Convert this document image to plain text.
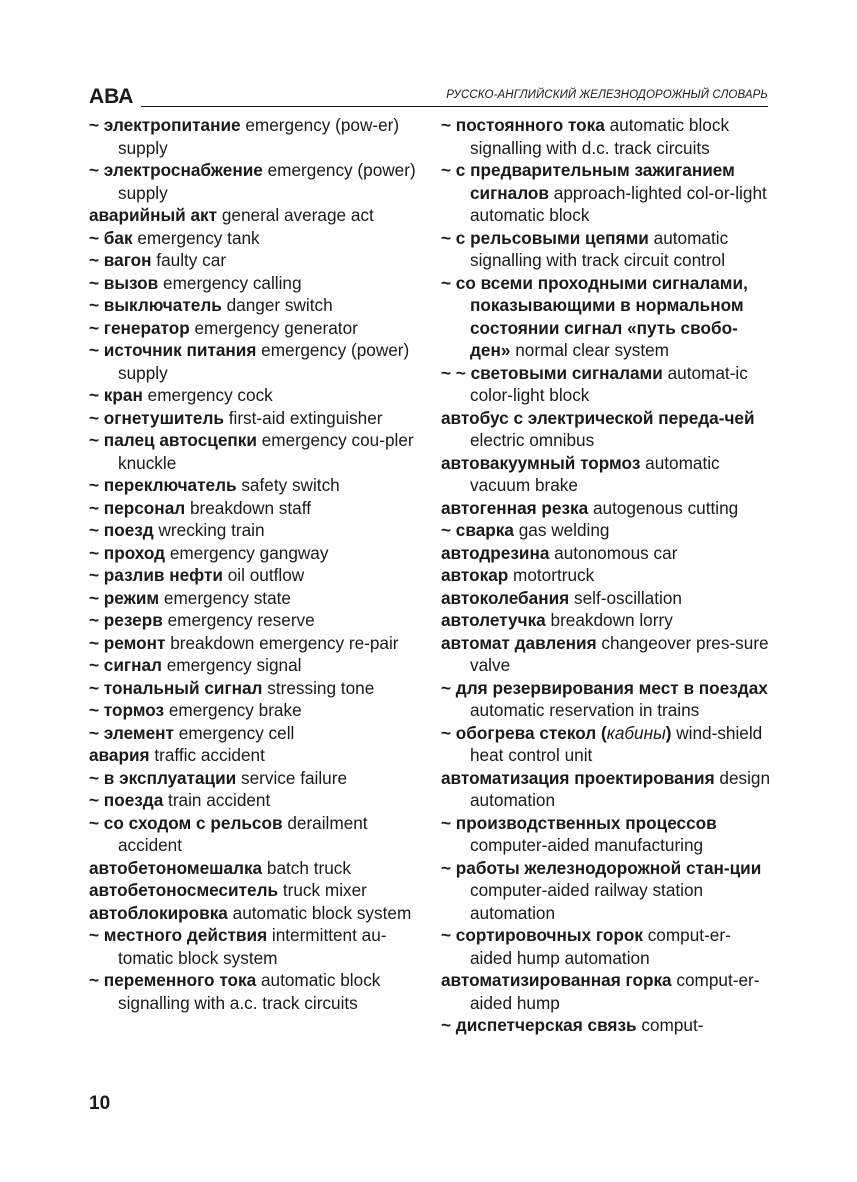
АВА	РУССКО-АНГЛИЙСКИЙ ЖЕЛЕЗНОДОРОЖНЫЙ СЛОВАРЬ

~ электропитание emergency (pow-er) supply

~ электроснабжение emergency (power) supply

аварийный акт general average act

~ бак emergency tank

~ вагон faulty car

~ вызов emergency calling

~ выключатель danger switch

~ генератор emergency generator

~ источник питания emergency (power) supply

~ кран emergency cock

~ огнетушитель first-aid extinguisher

~ палец автосцепки emergency cou-pler knuckle

~ переключатель safety switch

~ персонал breakdown staff

~ поезд wrecking train

~ проход emergency gangway

~ разлив нефти oil outflow

~ режим emergency state

~ резерв emergency reserve

~ ремонт breakdown emergency re-pair

~ сигнал emergency signal

~ тональный сигнал stressing tone

~ тормоз emergency brake

~ элемент emergency cell

авария traffic accident

~ в эксплуатации service failure

~ поезда train accident

~ со сходом с рельсов derailment accident

автобетономешалка batch truck

автобетоносмеситель truck mixer

автоблокировка automatic block system

~ местного действия intermittent au-tomatic block system

~ переменного тока automatic block signalling with a.c. track circuits

~ постоянного тока automatic block signalling with d.c. track circuits

~ с предварительным зажиганием сигналов approach-lighted col-or-light automatic block

~ с рельсовыми цепями automatic signalling with track circuit control

~ со всеми проходными сигналами, показывающими в нормальном состоянии сигнал «путь свобо-ден» normal clear system

~ ~ световыми сигналами automat-ic color-light block

автобус с электрической переда-чей electric omnibus

автовакуумный тормоз automatic vacuum brake

автогенная резка autogenous cutting

~ сварка gas welding

автодрезина autonomous car

автокар motortruck

автоколебания self-oscillation

автолетучка breakdown lorry

автомат давления changeover pres-sure valve

~ для резервирования мест в поездах automatic reservation in trains

~ обогрева стекол (кабины) wind-shield heat control unit

автоматизация проектирования design automation

~ производственных процессов computer-aided manufacturing

~ работы железнодорожной стан-ции computer-aided railway station automation

~ сортировочных горок comput-er-aided hump automation

автоматизированная горка comput-er-aided hump

~ диспетчерская связь comput-

10
